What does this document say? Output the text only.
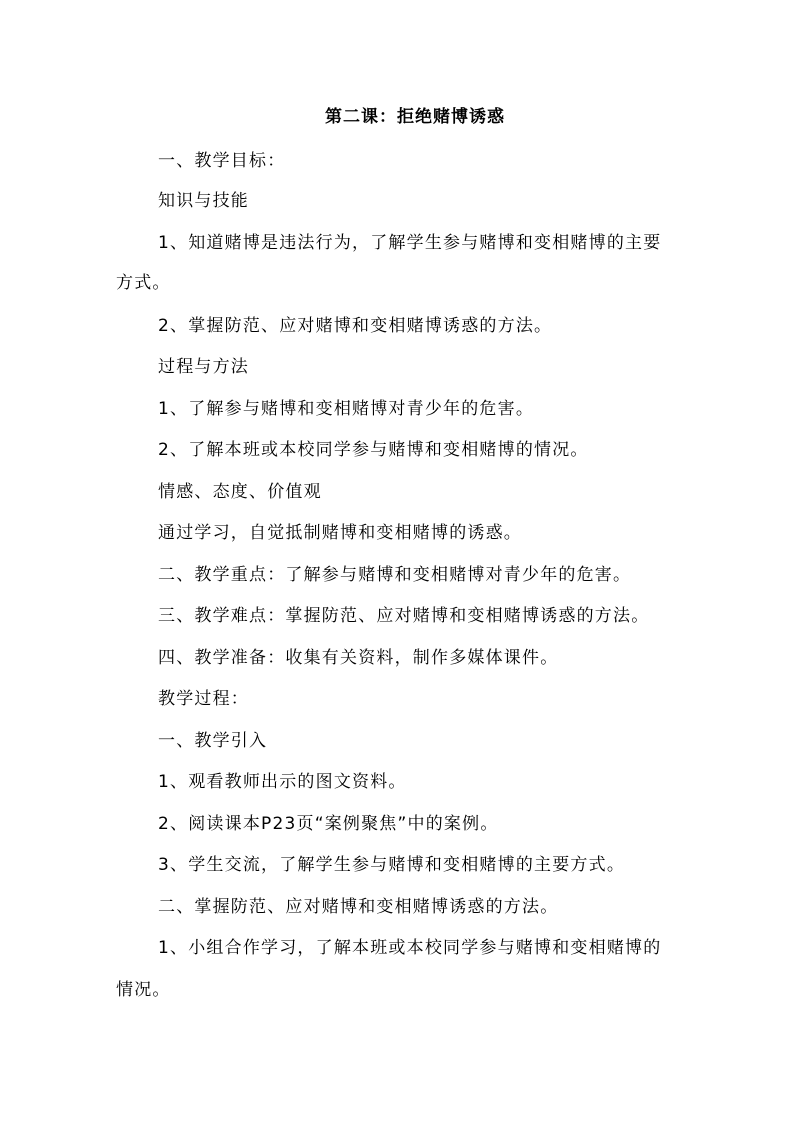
第二课：拒绝赌博诱惑
一、教学目标：
知识与技能
1、知道赌博是违法行为，了解学生参与赌博和变相赌博的主要
方式。
2、掌握防范、应对赌博和变相赌博诱惑的方法。
过程与方法
1、了解参与赌博和变相赌博对青少年的危害。
2、了解本班或本校同学参与赌博和变相赌博的情况。
情感、态度、价值观
通过学习，自觉抵制赌博和变相赌博的诱惑。
二、教学重点：了解参与赌博和变相赌博对青少年的危害。
三、教学难点：掌握防范、应对赌博和变相赌博诱惑的方法。
四、教学准备：收集有关资料，制作多媒体课件。
教学过程：
一、教学引入
1、观看教师出示的图文资料。
2、阅读课本P23页“案例聚焦”中的案例。
3、学生交流，了解学生参与赌博和变相赌博的主要方式。
二、掌握防范、应对赌博和变相赌博诱惑的方法。
1、小组合作学习，了解本班或本校同学参与赌博和变相赌博的
情况。
